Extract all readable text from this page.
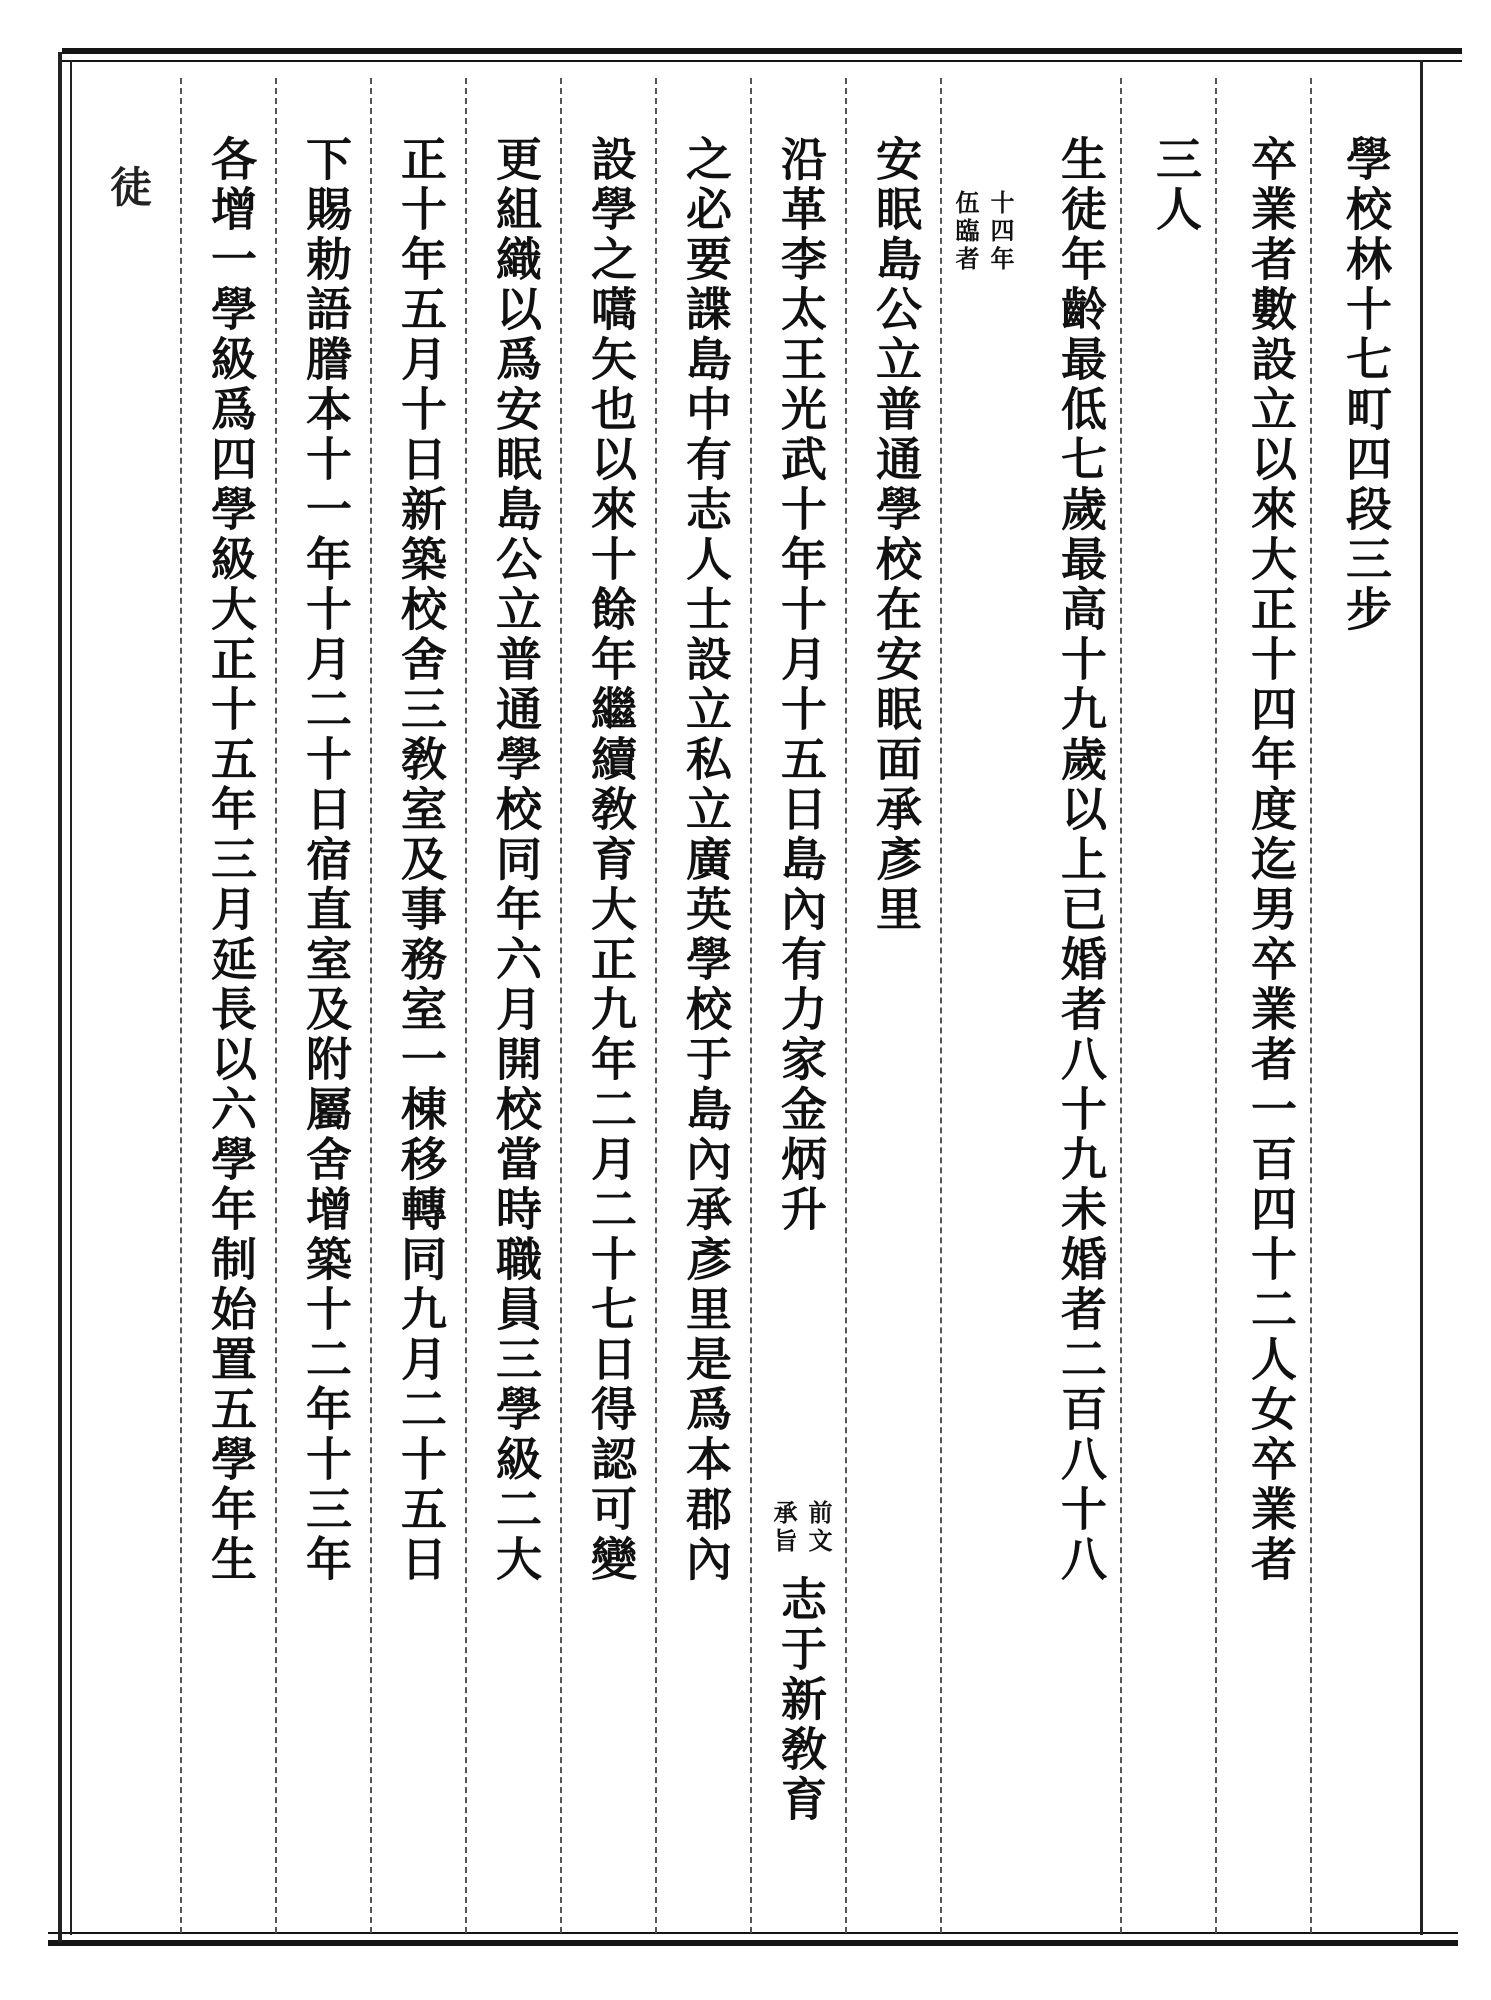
學校林十七町四段三步
卒業者數設立以來大正十四年度迄男卒業者一百四十二人女卒業者
三人
生徒年齡最低七歲最高十九歲以上已婚者八十九未婚者二百八十八
十四年
伍臨者
安眠島公立普通學校在安眠面承彥里
沿革李太王光武十年十月十五日島內有力家金炳升
前文
承旨
志于新敎育
之必要諜島中有志人士設立私立廣英學校于島內承彥里是爲本郡內
設學之嚆矢也以來十餘年繼續敎育大正九年二月二十七日得認可變
更組織以爲安眠島公立普通學校同年六月開校當時職員三學級二大
正十年五月十日新築校舍三敎室及事務室一棟移轉同九月二十五日
下賜勅語謄本十一年十月二十日宿直室及附屬舍增築十二年十三年
各增一學級爲四學級大正十五年三月延長以六學年制始置五學年生
徒
